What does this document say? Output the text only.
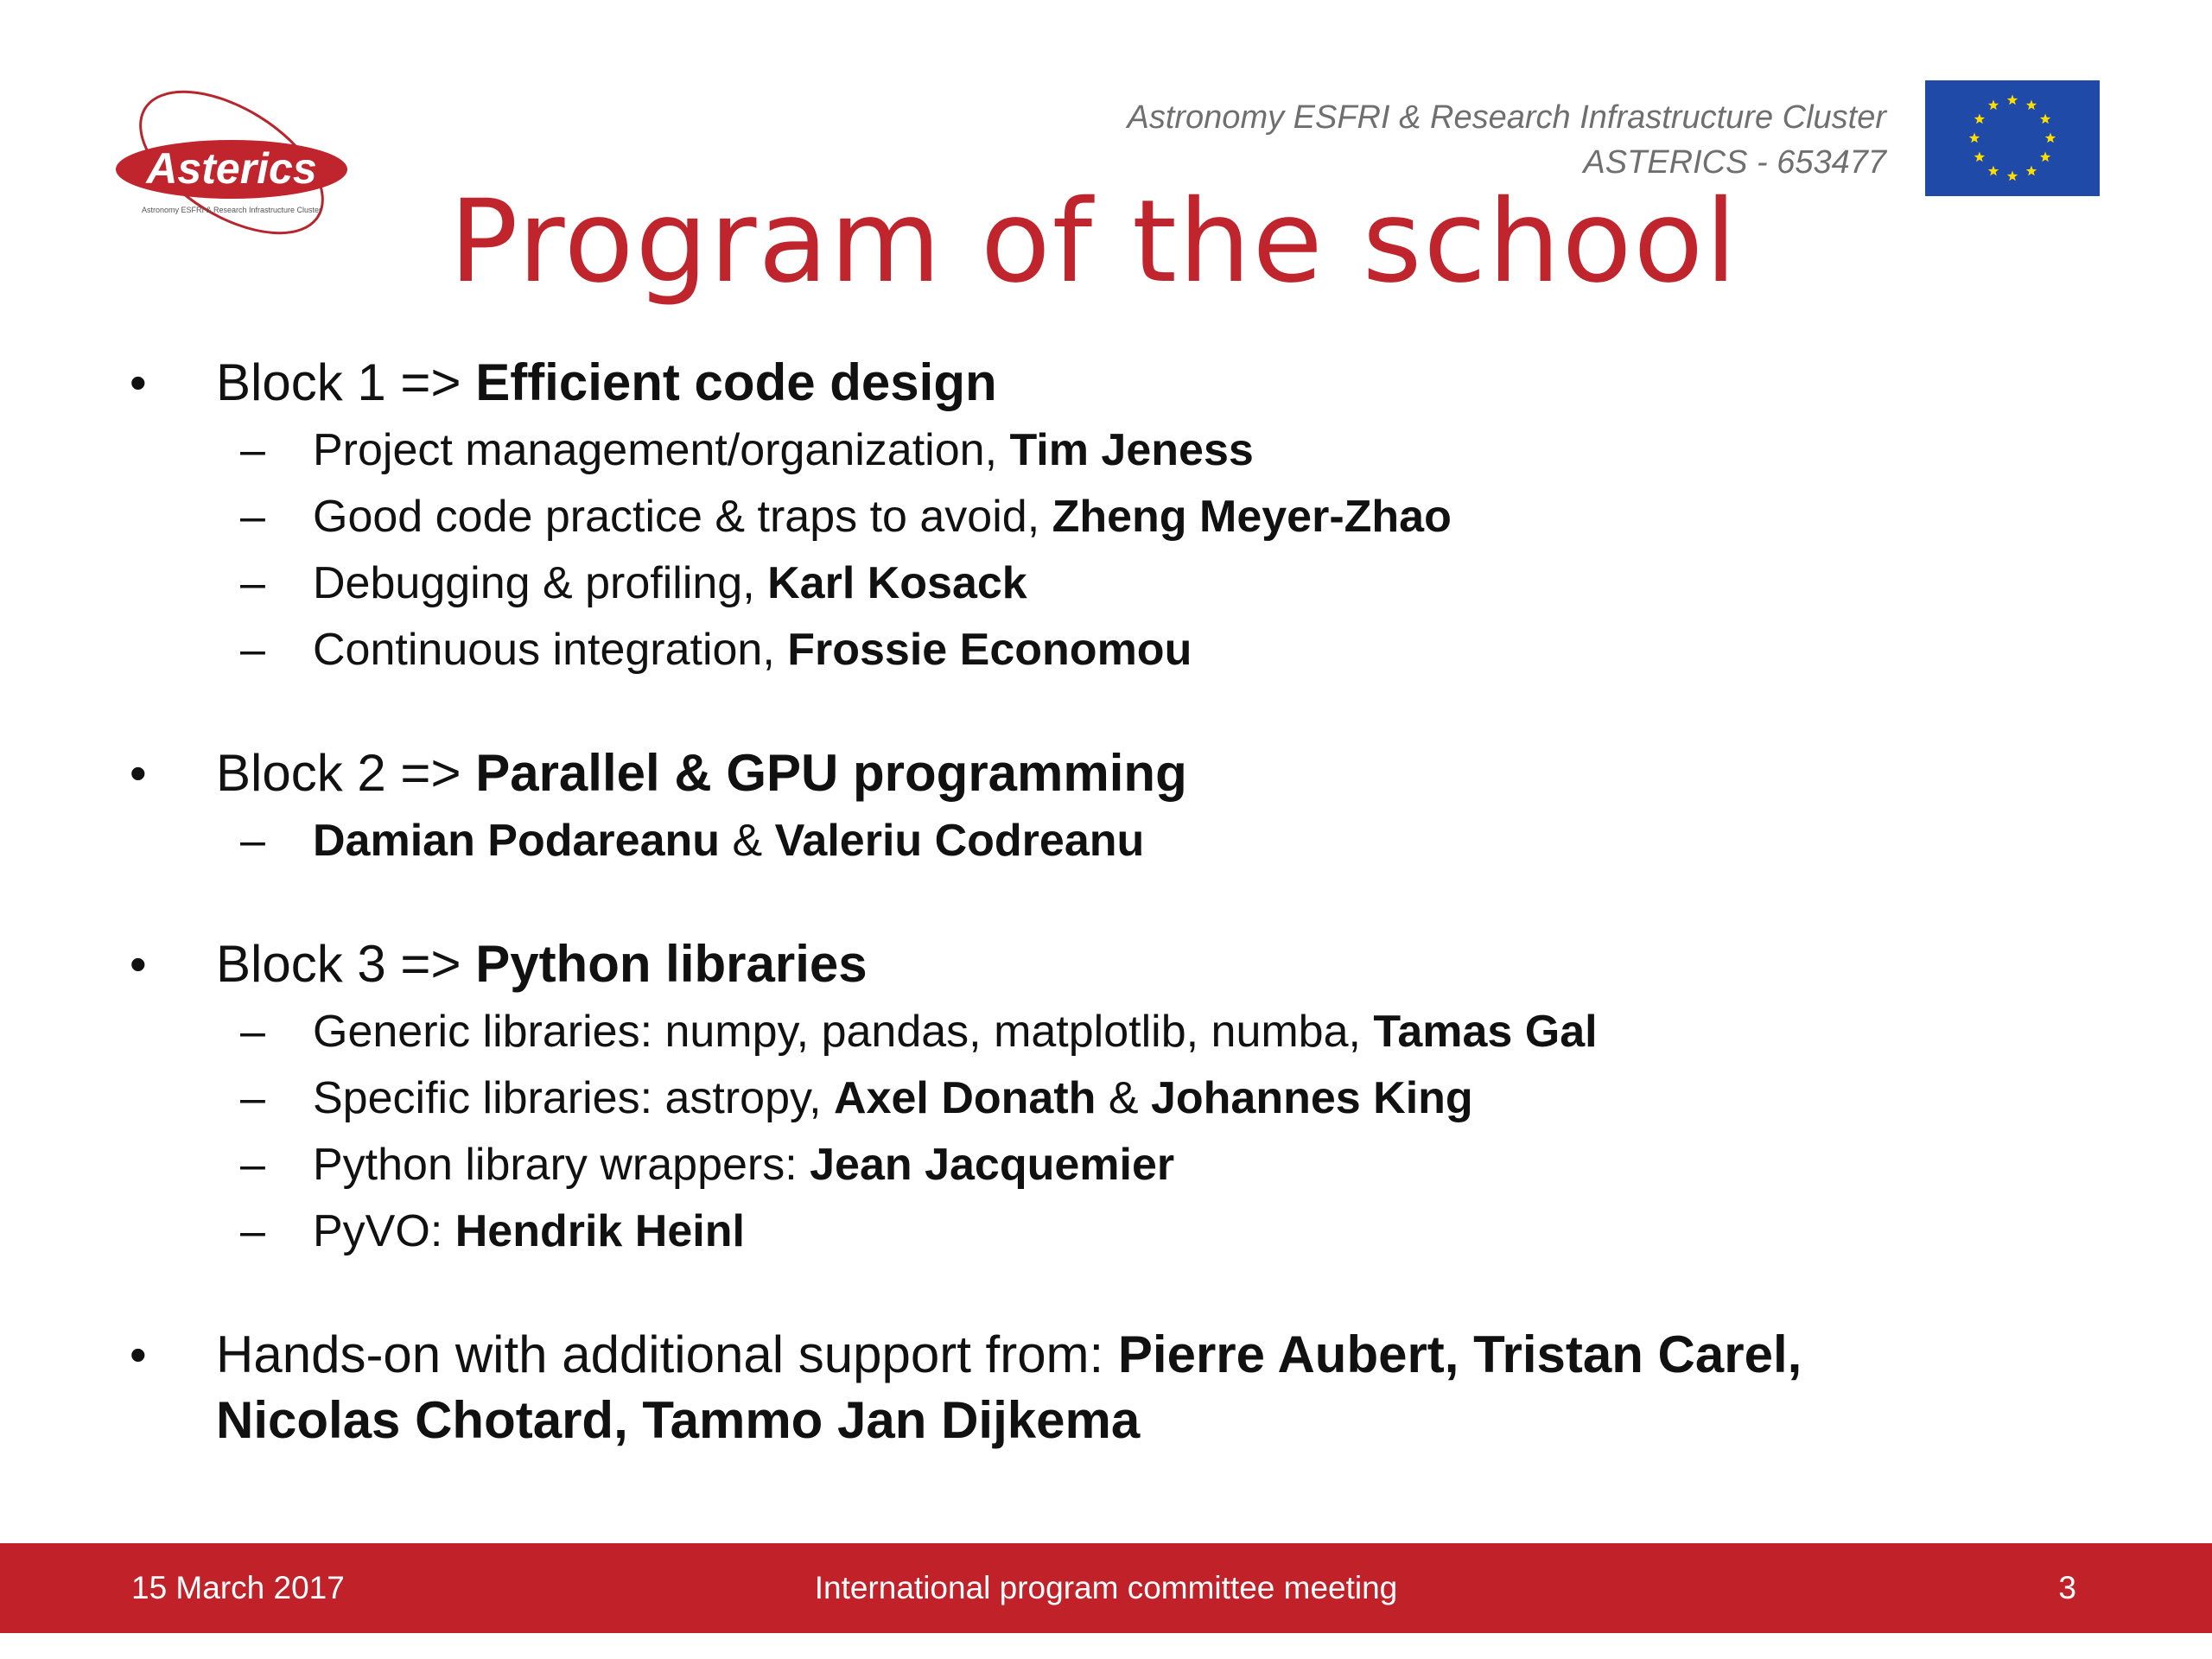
Asterics
Astronomy ESFRI & Research Infrastructure Cluster
Astronomy ESFRI & Research Infrastructure Cluster
ASTERICS - 653477
Program of the school
• Block 1 => Efficient code design
– Project management/organization, Tim Jeness
– Good code practice & traps to avoid, Zheng Meyer-Zhao
– Debugging & profiling, Karl Kosack
– Continuous integration, Frossie Economou
• Block 2 => Parallel & GPU programming
– Damian Podareanu & Valeriu Codreanu
• Block 3 => Python libraries
– Generic libraries: numpy, pandas, matplotlib, numba, Tamas Gal
– Specific libraries: astropy, Axel Donath & Johannes King
– Python library wrappers: Jean Jacquemier
– PyVO: Hendrik Heinl
• Hands-on with additional support from: Pierre Aubert, Tristan Carel, Nicolas Chotard, Tammo Jan Dijkema
15 March 2017	International program committee meeting	3
